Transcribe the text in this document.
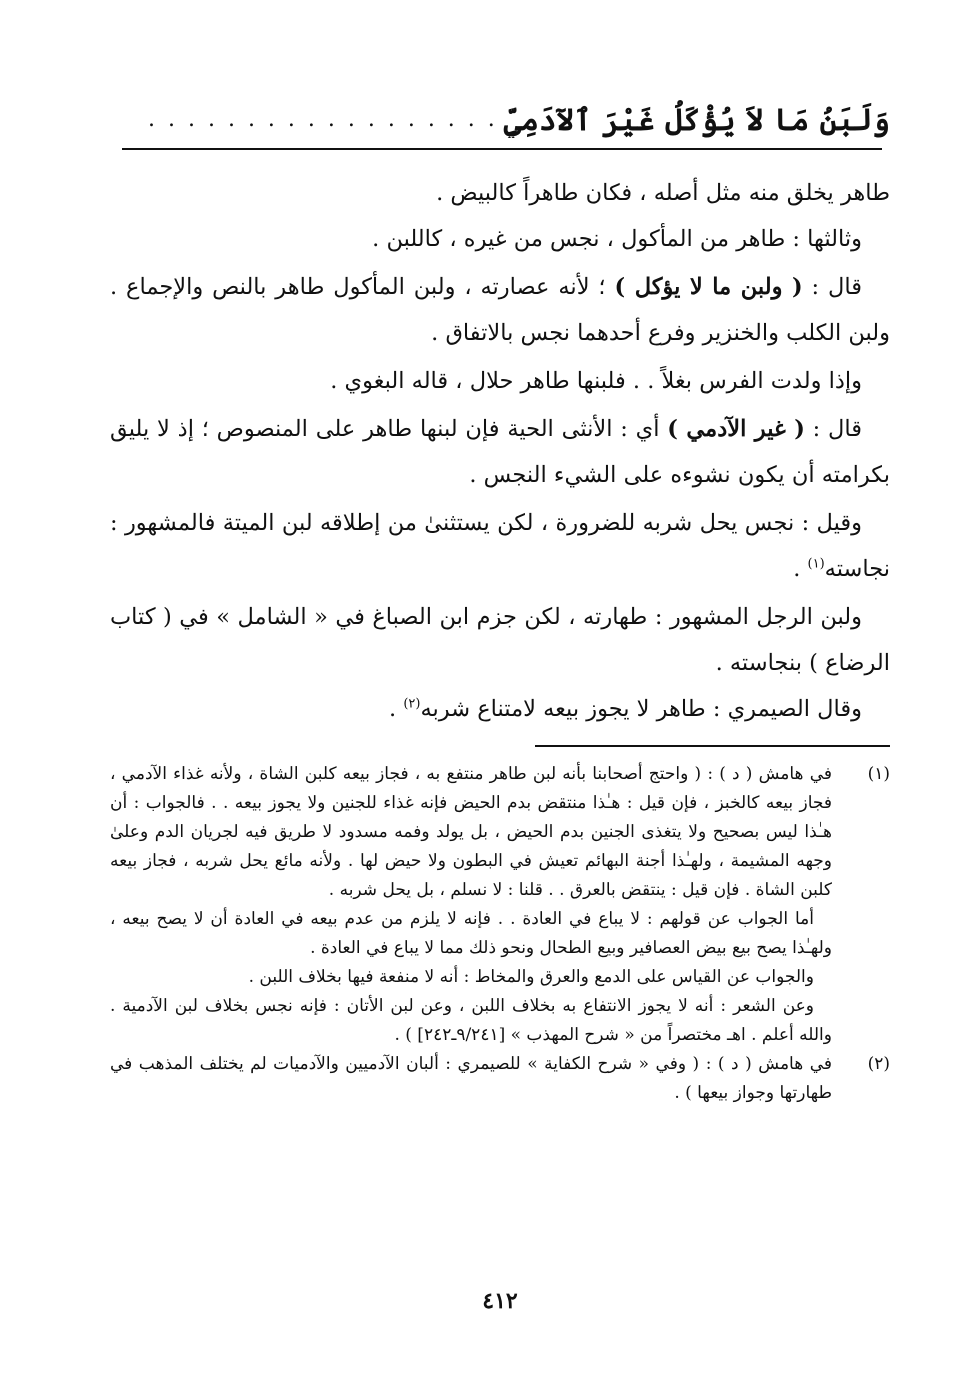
وَلَبَنُ مَا لاَ يُؤْكَلُ غَيْرَ ٱلآدَمِيِّ
. . . . . . . . . . . . . . . . . .

طاهر يخلق منه مثل أصله ، فكان طاهراً كالبيض .

وثالثها : طاهر من المأكول ، نجس من غيره ، كاللبن .

قال : ( ولبن ما لا يؤكل ) ؛ لأنه عصارته ، ولبن المأكول طاهر بالنص والإجماع . ولبن الكلب والخنزير وفرع أحدهما نجس بالاتفاق .

وإذا ولدت الفرس بغلاً . . فلبنها طاهر حلال ، قاله البغوي .

قال : ( غير الآدمي ) أي : الأنثى الحية فإن لبنها طاهر على المنصوص ؛ إذ لا يليق بكرامته أن يكون نشوءه على الشيء النجس .

وقيل : نجس يحل شربه للضرورة ، لكن يستثنىٰ من إطلاقه لبن الميتة فالمشهور : نجاسته$^{(١)}$ .

ولبن الرجل المشهور : طهارته ، لكن جزم ابن الصباغ في « الشامل » في ( كتاب الرضاع ) بنجاسته .

وقال الصيمري : طاهر لا يجوز بيعه لامتناع شربه$^{(٢)}$ .

(١)

في هامش ( د ) : ( واحتج أصحابنا بأنه لبن طاهر منتفع به ، فجاز بيعه كلبن الشاة ، ولأنه غذاء الآدمي ، فجاز بيعه كالخبز ، فإن قيل : هـٰذا منتقض بدم الحيض فإنه غذاء للجنين ولا يجوز بيعه . . فالجواب : أن هـٰذا ليس بصحيح ولا يتغذى الجنين بدم الحيض ، بل يولد وفمه مسدود لا طريق فيه لجريان الدم وعلىٰ وجهه المشيمة ، ولهـٰذا أجنة البهائم تعيش في البطون ولا حيض لها . ولأنه مائع يحل شربه ، فجاز بيعه كلبن الشاة . فإن قيل : ينتقض بالعرق . . قلنا : لا نسلم ، بل يحل شربه .

أما الجواب عن قولهم : لا يباع في العادة . . فإنه لا يلزم من عدم بيعه في العادة أن لا يصح بيعه ، ولهـٰذا يصح بيع بيض العصافير وبيع الطحال ونحو ذلك مما لا يباع في العادة .

والجواب عن القياس على الدمع والعرق والمخاط : أنه لا منفعة فيها بخلاف اللبن .

وعن الشعر : أنه لا يجوز الانتفاع به بخلاف اللبن ، وعن لبن الأتان : فإنه نجس بخلاف لبن الآدمية . والله أعلم . اهـ مختصراً من « شرح المهذب » [٩/٢٤١ـ٢٤٢] ) .

(٢)

في هامش ( د ) : ( وفي « شرح الكفاية » للصيمري : ألبان الآدميين والآدميات لم يختلف المذهب في طهارتها وجواز بيعها ) .

٤١٢
